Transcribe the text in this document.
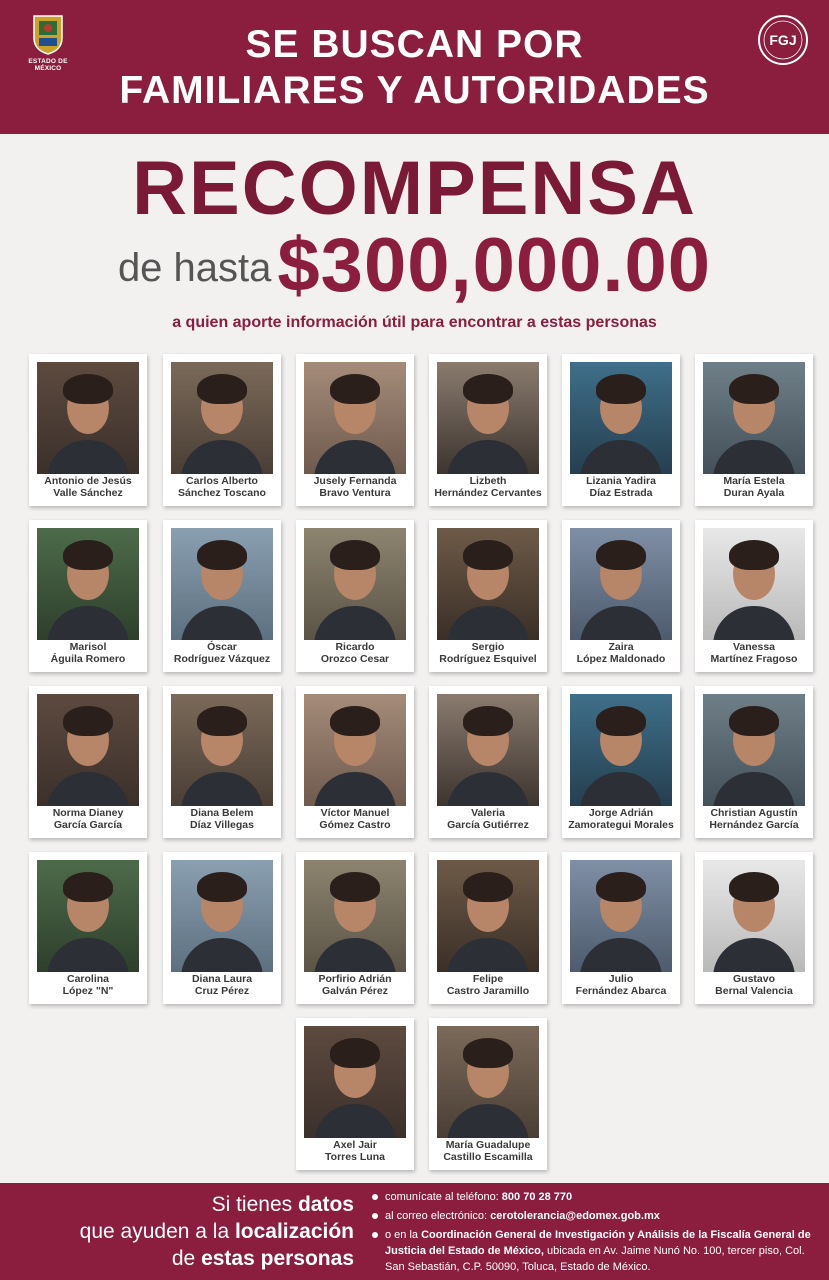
ESTADO DE MÉXICO
SE BUSCAN POR
FAMILIARES Y AUTORIDADES
FGJ
RECOMPENSA
de hasta$300,000.00
a quien aporte información útil para encontrar a estas personas
Antonio de Jesús
Valle Sánchez
Carlos Alberto
Sánchez Toscano
Jusely Fernanda
Bravo Ventura
Lizbeth
Hernández Cervantes
Lizania Yadira
Díaz Estrada
María Estela
Duran Ayala
Marisol
Águila Romero
Óscar
Rodríguez Vázquez
Ricardo
Orozco Cesar
Sergio
Rodríguez Esquivel
Zaira
López Maldonado
Vanessa
Martínez Fragoso
Norma Dianey
García García
Diana Belem
Díaz Villegas
Víctor Manuel
Gómez Castro
Valeria
García Gutiérrez
Jorge Adrián
Zamorategui Morales
Christian Agustín
Hernández García
Carolina
López "N"
Diana Laura
Cruz Pérez
Porfirio Adrián
Galván Pérez
Felipe
Castro Jaramillo
Julio
Fernández Abarca
Gustavo
Bernal Valencia
Axel Jair
Torres Luna
María Guadalupe
Castillo Escamilla
Si tienes datos
que ayuden a la localización
de estas personas
comunícate al teléfono: 800 70 28 770
al correo electrónico: cerotolerancia@edomex.gob.mx
o en la Coordinación General de Investigación y Análisis de la Fiscalía General de Justicia del Estado de México, ubicada en Av. Jaime Nunó No. 100, tercer piso, Col. San Sebastián, C.P. 50090, Toluca, Estado de México.
